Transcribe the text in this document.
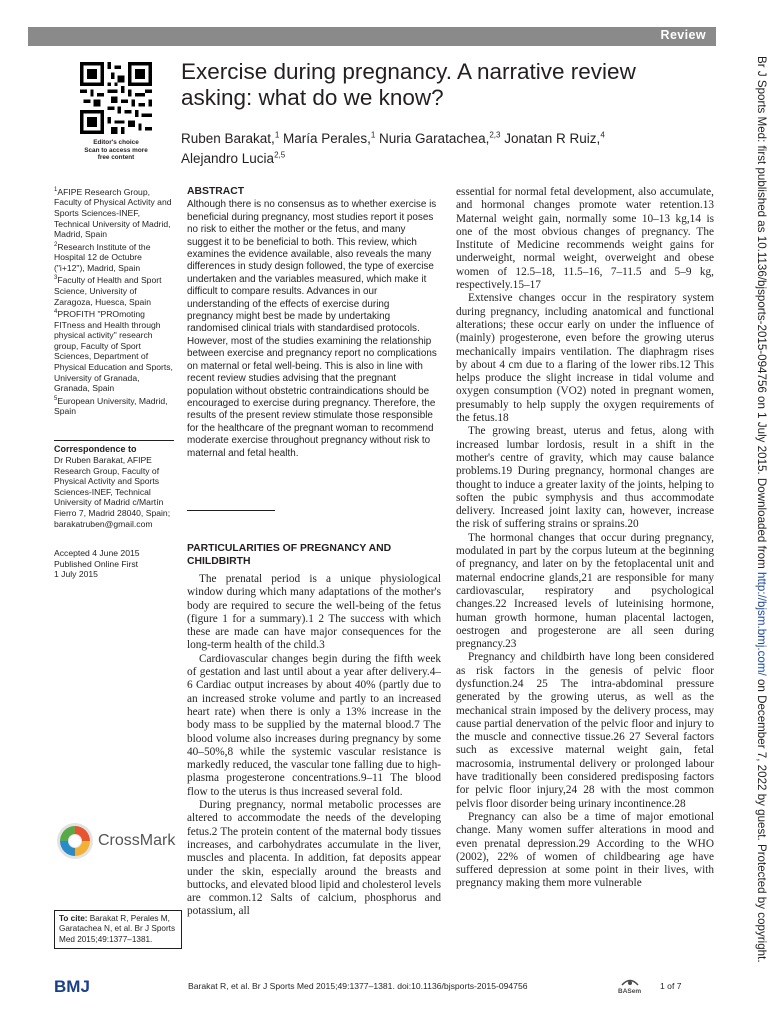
Review
Br J Sports Med: first published as 10.1136/bjsports-2015-094756 on 1 July 2015. Downloaded from http://bjsm.bmj.com/ on December 7, 2022 by guest. Protected by copyright.
Editor's choice
Scan to access more
free content
Exercise during pregnancy. A narrative review asking: what do we know?
Ruben Barakat,$^1$ María Perales,$^1$ Nuria Garatachea,$^{2,3}$ Jonatan R Ruiz,$^4$
Alejandro Lucia$^{2,5}$

$^1$AFIPE Research Group, Faculty of Physical Activity and Sports Sciences-INEF, Technical University of Madrid, Madrid, Spain

$^2$Research Institute of the Hospital 12 de Octubre ("i+12"), Madrid, Spain

$^3$Faculty of Health and Sport Science, University of Zaragoza, Huesca, Spain

$^4$PROFITH "PROmoting FITness and Health through physical activity" research group, Faculty of Sport Sciences, Department of Physical Education and Sports, University of Granada, Granada, Spain

$^5$European University, Madrid, Spain

Correspondence to
Dr Ruben Barakat, AFIPE Research Group, Faculty of Physical Activity and Sports Sciences-INEF, Technical University of Madrid c/Martín Fierro 7, Madrid 28040, Spain; barakatruben@gmail.com

Accepted 4 June 2015

Published Online First

1 July 2015

CrossMark
To cite: Barakat R, Perales M, Garatachea N, et al. Br J Sports Med 2015;49:1377–1381.
ABSTRACT

Although there is no consensus as to whether exercise is beneficial during pregnancy, most studies report it poses no risk to either the mother or the fetus, and many suggest it to be beneficial to both. This review, which examines the evidence available, also reveals the many differences in study design followed, the type of exercise undertaken and the variables measured, which make it difficult to compare results. Advances in our understanding of the effects of exercise during pregnancy might best be made by undertaking randomised clinical trials with standardised protocols. However, most of the studies examining the relationship between exercise and pregnancy report no complications on maternal or fetal well-being. This is also in line with recent review studies advising that the pregnant population without obstetric contraindications should be encouraged to exercise during pregnancy. Therefore, the results of the present review stimulate those responsible for the healthcare of the pregnant woman to recommend moderate exercise throughout pregnancy without risk to maternal and fetal health.

PARTICULARITIES OF PREGNANCY AND CHILDBIRTH

The prenatal period is a unique physiological window during which many adaptations of the mother's body are required to secure the well-being of the fetus (figure 1 for a summary).1 2 The success with which these are made can have major consequences for the long-term health of the child.3

Cardiovascular changes begin during the fifth week of gestation and last until about a year after delivery.4–6 Cardiac output increases by about 40% (partly due to an increased stroke volume and partly to an increased heart rate) when there is only a 13% increase in the body mass to be supplied by the maternal blood.7 The blood volume also increases during pregnancy by some 40–50%,8 while the systemic vascular resistance is markedly reduced, the vascular tone falling due to high-plasma progesterone concentrations.9–11 The blood flow to the uterus is thus increased several fold.

During pregnancy, normal metabolic processes are altered to accommodate the needs of the developing fetus.2 The protein content of the maternal body tissues increases, and carbohydrates accumulate in the liver, muscles and placenta. In addition, fat deposits appear under the skin, especially around the breasts and buttocks, and elevated blood lipid and cholesterol levels are common.12 Salts of calcium, phosphorus and potassium, all

essential for normal fetal development, also accumulate, and hormonal changes promote water retention.13 Maternal weight gain, normally some 10–13 kg,14 is one of the most obvious changes of pregnancy. The Institute of Medicine recommends weight gains for underweight, normal weight, overweight and obese women of 12.5–18, 11.5–16, 7–11.5 and 5–9 kg, respectively.15–17

Extensive changes occur in the respiratory system during pregnancy, including anatomical and functional alterations; these occur early on under the influence of (mainly) progesterone, even before the growing uterus mechanically impairs ventilation. The diaphragm rises by about 4 cm due to a flaring of the lower ribs.12 This helps produce the slight increase in tidal volume and oxygen consumption (VO2) noted in pregnant women, presumably to help supply the oxygen requirements of the fetus.18

The growing breast, uterus and fetus, along with increased lumbar lordosis, result in a shift in the mother's centre of gravity, which may cause balance problems.19 During pregnancy, hormonal changes are thought to induce a greater laxity of the joints, helping to soften the pubic symphysis and thus accommodate delivery. Increased joint laxity can, however, increase the risk of suffering strains or sprains.20

The hormonal changes that occur during pregnancy, modulated in part by the corpus luteum at the beginning of pregnancy, and later on by the fetoplacental unit and maternal endocrine glands,21 are responsible for many cardiovascular, respiratory and psychological changes.22 Increased levels of luteinising hormone, human growth hormone, human placental lactogen, oestrogen and progesterone are all seen during pregnancy.23

Pregnancy and childbirth have long been considered as risk factors in the genesis of pelvic floor dysfunction.24 25 The intra-abdominal pressure generated by the growing uterus, as well as the mechanical strain imposed by the delivery process, may cause partial denervation of the pelvic floor and injury to the muscle and connective tissue.26 27 Several factors such as excessive maternal weight gain, fetal macrosomia, instrumental delivery or prolonged labour have traditionally been considered predisposing factors for pelvic floor injury,24 28 with the most common pelvis floor disorder being urinary incontinence.28

Pregnancy can also be a time of major emotional change. Many women suffer alterations in mood and even prenatal depression.29 According to the WHO (2002), 22% of women of childbearing age have suffered depression at some point in their lives, with pregnancy making them more vulnerable

BMJ	Barakat R, et al. Br J Sports Med 2015;49:1377–1381. doi:10.1136/bjsports-2015-094756
BASem
1 of 7
